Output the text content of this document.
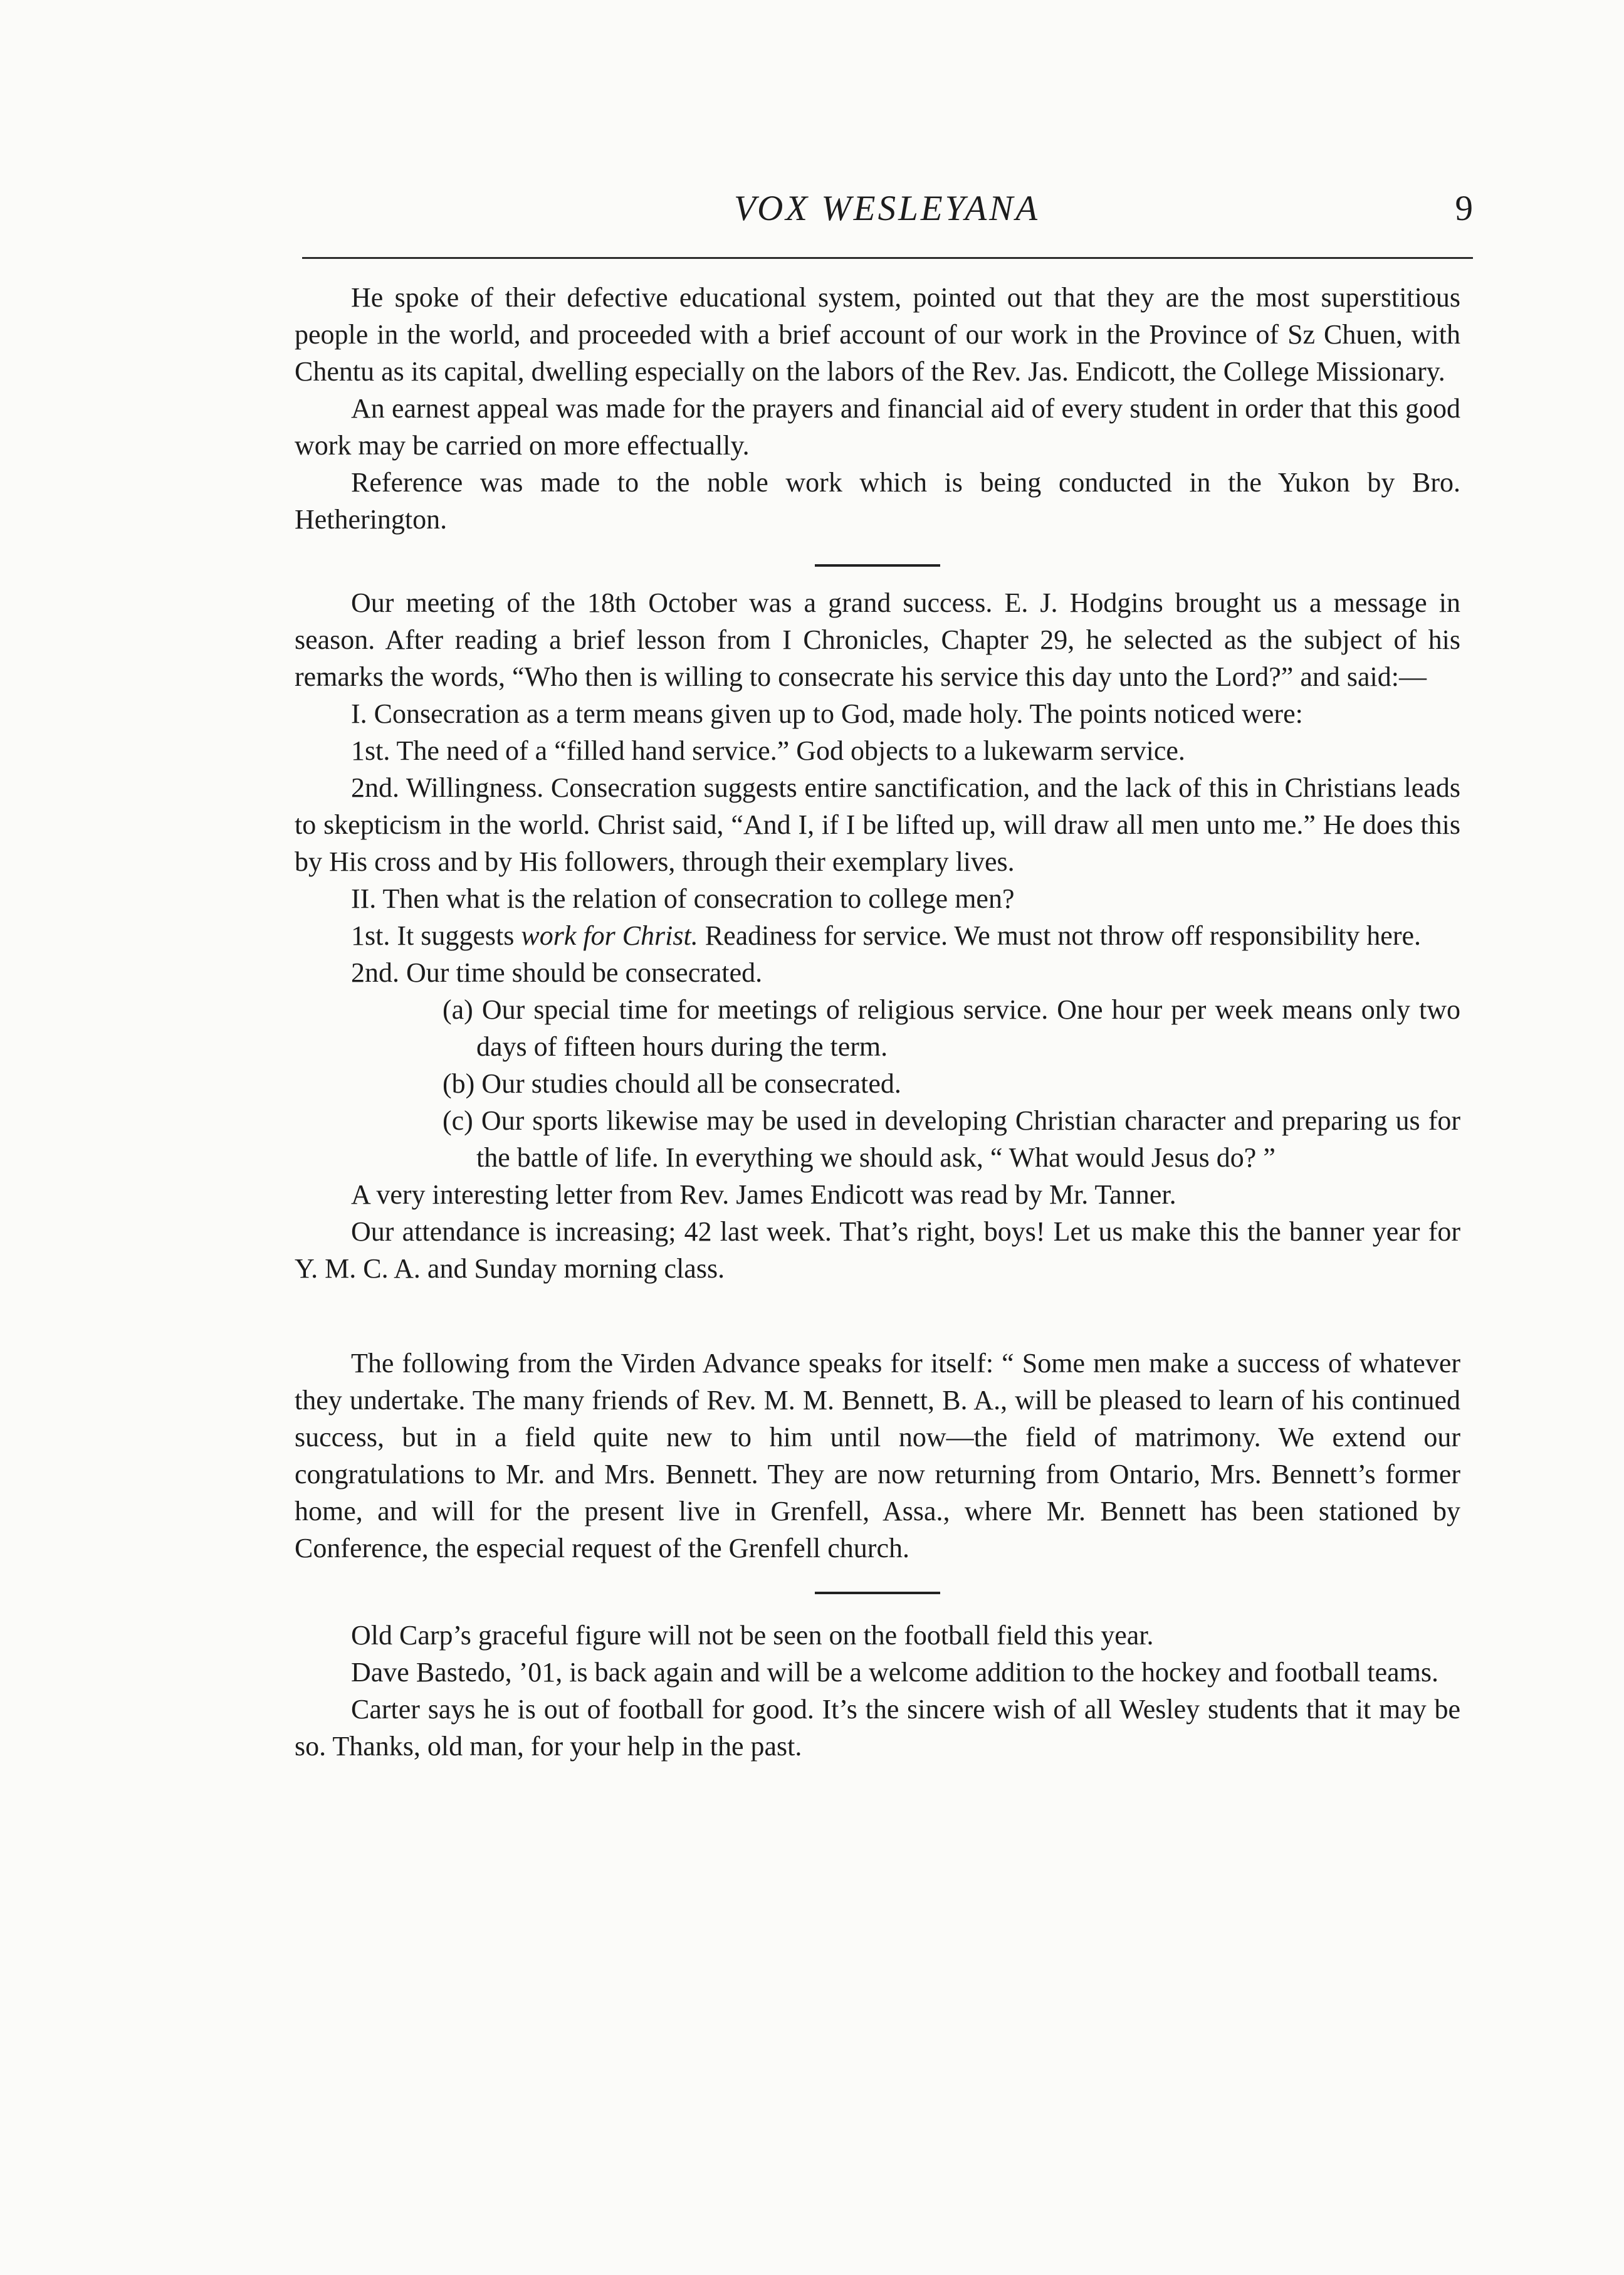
VOX WESLEYANA	9

He spoke of their defective educational system, pointed out that they are the most superstitious people in the world, and proceeded with a brief account of our work in the Province of Sz Chuen, with Chentu as its capital, dwelling especially on the labors of the Rev. Jas. Endicott, the College Missionary.

An earnest appeal was made for the prayers and financial aid of every student in order that this good work may be carried on more effectually.

Reference was made to the noble work which is being conducted in the Yukon by Bro. Hetherington.

Our meeting of the 18th October was a grand success. E. J. Hodgins brought us a message in season. After reading a brief lesson from I Chronicles, Chapter 29, he selected as the subject of his remarks the words, “Who then is willing to consecrate his service this day unto the Lord?” and said:—

I. Consecration as a term means given up to God, made holy. The points noticed were:

1st. The need of a “filled hand service.” God objects to a lukewarm service.

2nd. Willingness. Consecration suggests entire sanctification, and the lack of this in Christians leads to skepticism in the world. Christ said, “And I, if I be lifted up, will draw all men unto me.” He does this by His cross and by His followers, through their exemplary lives.

II. Then what is the relation of consecration to college men?

1st. It suggests work for Christ. Readiness for service. We must not throw off responsibility here.

2nd. Our time should be consecrated.

(a) Our special time for meetings of religious service. One hour per week means only two days of fifteen hours during the term.

(b) Our studies chould all be consecrated.

(c) Our sports likewise may be used in developing Christian character and preparing us for the battle of life. In everything we should ask, “ What would Jesus do? ”

A very interesting letter from Rev. James Endicott was read by Mr. Tanner.

Our attendance is increasing; 42 last week. That’s right, boys! Let us make this the banner year for Y. M. C. A. and Sunday morning class.

The following from the Virden Advance speaks for itself: “ Some men make a success of whatever they undertake. The many friends of Rev. M. M. Bennett, B. A., will be pleased to learn of his continued success, but in a field quite new to him until now—the field of matrimony. We extend our congratulations to Mr. and Mrs. Bennett. They are now returning from Ontario, Mrs. Bennett’s former home, and will for the present live in Grenfell, Assa., where Mr. Bennett has been stationed by Conference, the especial request of the Grenfell church.

Old Carp’s graceful figure will not be seen on the football field this year.

Dave Bastedo, ’01, is back again and will be a welcome addition to the hockey and football teams.

Carter says he is out of football for good. It’s the sincere wish of all Wesley students that it may be so. Thanks, old man, for your help in the past.
